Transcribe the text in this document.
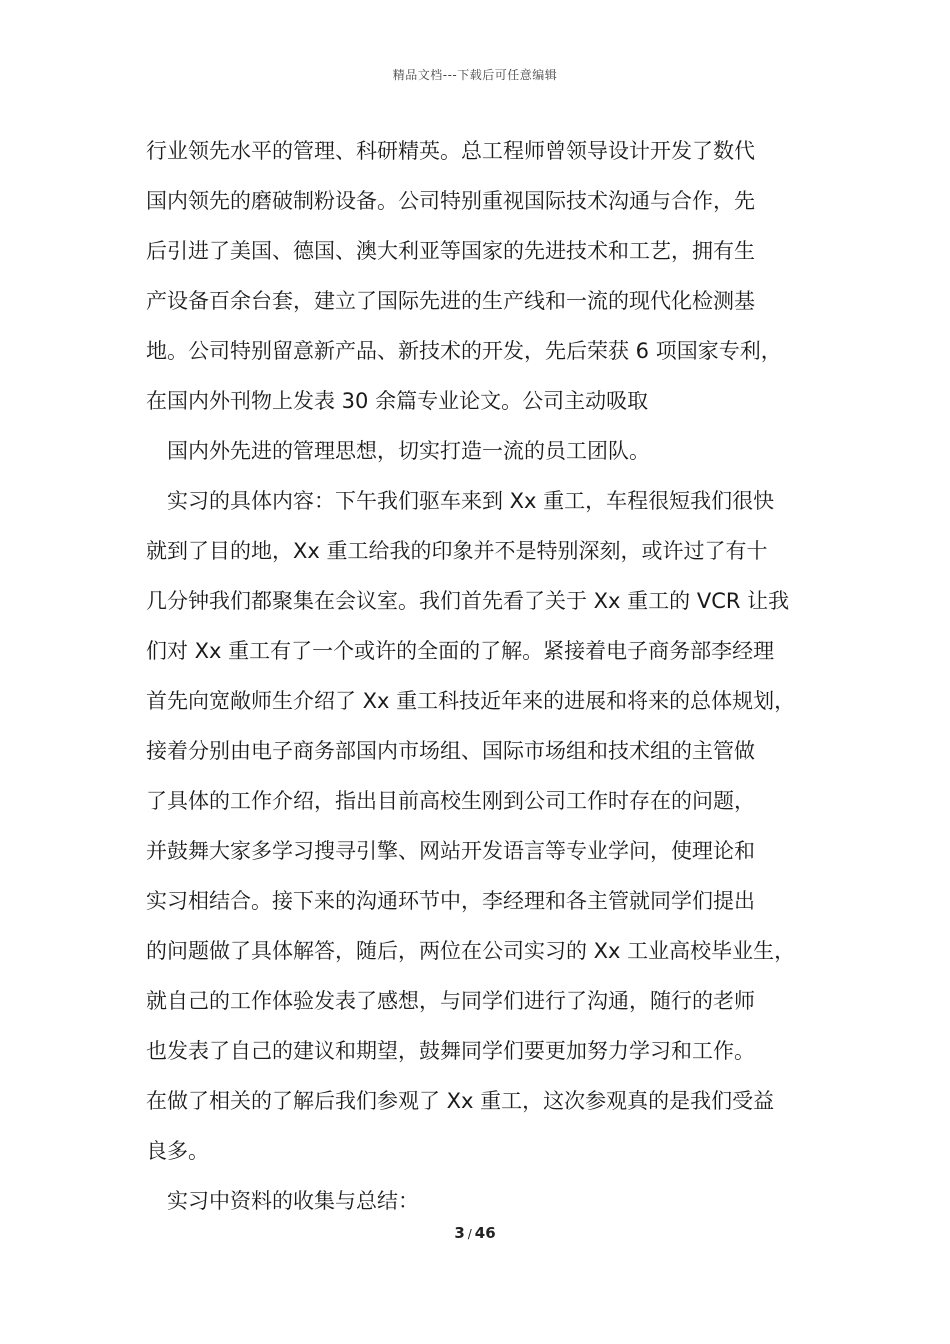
精品文档---下载后可任意编辑
行业领先水平的管理、科研精英。总工程师曾领导设计开发了数代
国内领先的磨破制粉设备。公司特别重视国际技术沟通与合作，先
后引进了美国、德国、澳大利亚等国家的先进技术和工艺，拥有生
产设备百余台套，建立了国际先进的生产线和一流的现代化检测基
地。公司特别留意新产品、新技术的开发，先后荣获 6 项国家专利，
在国内外刊物上发表 30 余篇专业论文。公司主动吸取
国内外先进的管理思想，切实打造一流的员工团队。
实习的具体内容：下午我们驱车来到 Xx 重工，车程很短我们很快
就到了目的地，Xx 重工给我的印象并不是特别深刻，或许过了有十
几分钟我们都聚集在会议室。我们首先看了关于 Xx 重工的 VCR 让我
们对 Xx 重工有了一个或许的全面的了解。紧接着电子商务部李经理
首先向宽敞师生介绍了 Xx 重工科技近年来的进展和将来的总体规划，
接着分别由电子商务部国内市场组、国际市场组和技术组的主管做
了具体的工作介绍，指出目前高校生刚到公司工作时存在的问题，
并鼓舞大家多学习搜寻引擎、网站开发语言等专业学问，使理论和
实习相结合。接下来的沟通环节中，李经理和各主管就同学们提出
的问题做了具体解答，随后，两位在公司实习的 Xx 工业高校毕业生，
就自己的工作体验发表了感想，与同学们进行了沟通，随行的老师
也发表了自己的建议和期望，鼓舞同学们要更加努力学习和工作。
在做了相关的了解后我们参观了 Xx 重工，这次参观真的是我们受益
良多。
实习中资料的收集与总结：
3 / 46
